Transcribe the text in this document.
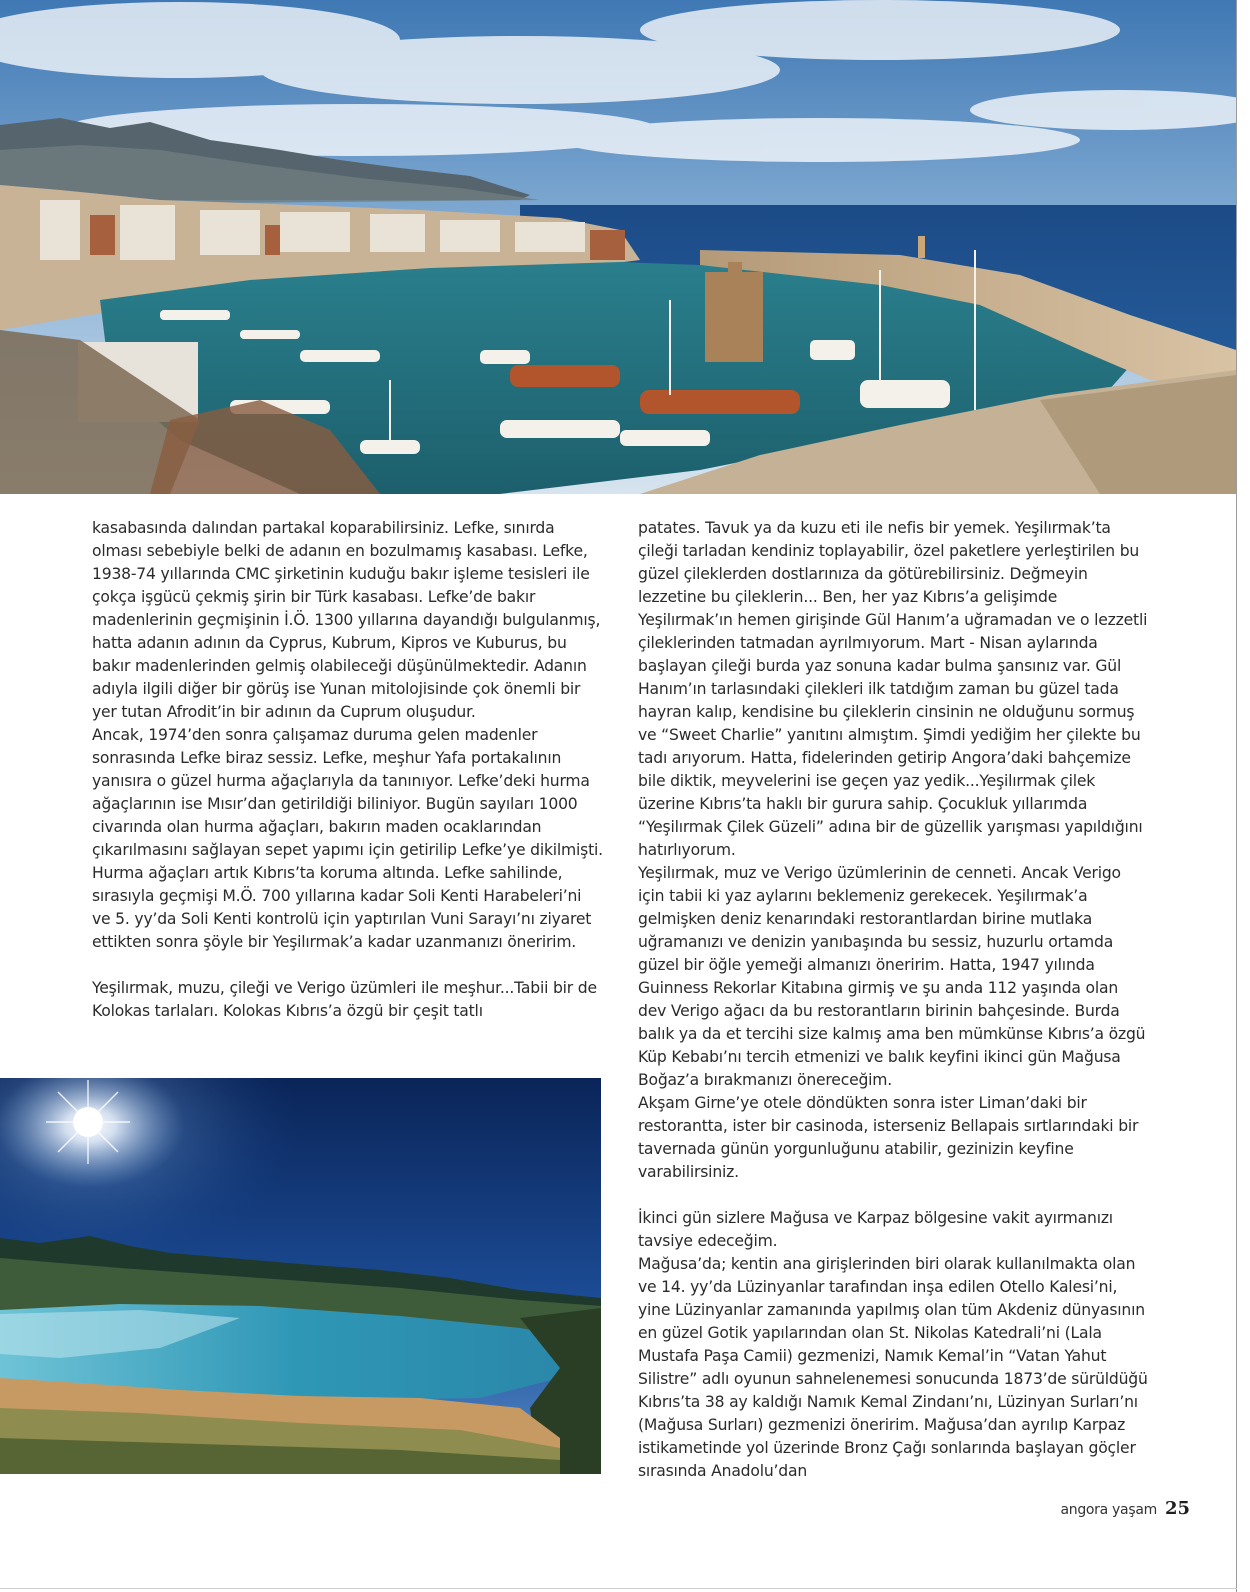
kasabasında dalından partakal koparabilirsiniz. Lefke, sınırda olması sebebiyle belki de adanın en bozulmamış kasabası. Lefke, 1938-74 yıllarında CMC şirketinin kuduğu bakır işleme tesisleri ile çokça işgücü çekmiş şirin bir Türk kasabası. Lefke’de bakır madenlerinin geçmişinin İ.Ö. 1300 yıllarına dayandığı bulgulanmış, hatta adanın adının da Cyprus, Kubrum, Kipros ve Kuburus, bu bakır madenlerinden gelmiş olabileceği düşünülmektedir. Adanın adıyla ilgili diğer bir görüş ise Yunan mitolojisinde çok önemli bir yer tutan Afrodit’in bir adının da Cuprum oluşudur.

Ancak, 1974’den sonra çalışamaz duruma gelen madenler sonrasında Lefke biraz sessiz. Lefke, meşhur Yafa portakalının yanısıra o güzel hurma ağaçlarıyla da tanınıyor. Lefke’deki hurma ağaçlarının ise Mısır’dan getirildiği biliniyor. Bugün sayıları 1000 civarında olan hurma ağaçları, bakırın maden ocaklarından çıkarılmasını sağlayan sepet yapımı için getirilip Lefke’ye dikilmişti. Hurma ağaçları artık Kıbrıs’ta koruma altında. Lefke sahilinde, sırasıyla geçmişi M.Ö. 700 yıllarına kadar Soli Kenti Harabeleri’ni ve 5. yy’da Soli Kenti kontrolü için yaptırılan Vuni Sarayı’nı ziyaret ettikten sonra şöyle bir Yeşilırmak’a kadar uzanmanızı öneririm.

Yeşilırmak, muzu, çileği ve Verigo üzümleri ile meşhur...Tabii bir de Kolokas tarlaları. Kolokas Kıbrıs’a özgü bir çeşit tatlı

patates. Tavuk ya da kuzu eti ile nefis bir yemek. Yeşilırmak’ta çileği tarladan kendiniz toplayabilir, özel paketlere yerleştirilen bu güzel çileklerden dostlarınıza da götürebilirsiniz. Değmeyin lezzetine bu çileklerin... Ben, her yaz Kıbrıs’a gelişimde Yeşilırmak’ın hemen girişinde Gül Hanım’a uğramadan ve o lezzetli çileklerinden tatmadan ayrılmıyorum. Mart - Nisan aylarında başlayan çileği burda yaz sonuna kadar bulma şansınız var. Gül Hanım’ın tarlasındaki çilekleri ilk tatdığım zaman bu güzel tada hayran kalıp, kendisine bu çileklerin cinsinin ne olduğunu sormuş ve “Sweet Charlie” yanıtını almıştım. Şimdi yediğim her çilekte bu tadı arıyorum. Hatta, fidelerinden getirip Angora’daki bahçemize bile diktik, meyvelerini ise geçen yaz yedik...Yeşilırmak çilek üzerine Kıbrıs’ta haklı bir gurura sahip. Çocukluk yıllarımda “Yeşilırmak Çilek Güzeli” adına bir de güzellik yarışması yapıldığını hatırlıyorum.

Yeşilırmak, muz ve Verigo üzümlerinin de cenneti. Ancak Verigo için tabii ki yaz aylarını beklemeniz gerekecek. Yeşilırmak’a gelmişken deniz kenarındaki restorantlardan birine mutlaka uğramanızı ve denizin yanıbaşında bu sessiz, huzurlu ortamda güzel bir öğle yemeği almanızı öneririm. Hatta, 1947 yılında Guinness Rekorlar Kitabına girmiş ve şu anda 112 yaşında olan dev Verigo ağacı da bu restorantların birinin bahçesinde. Burda balık ya da et tercihi size kalmış ama ben mümkünse Kıbrıs’a özgü Küp Kebabı’nı tercih etmenizi ve balık keyfini ikinci gün Mağusa Boğaz’a bırakmanızı önereceğim.

Akşam Girne’ye otele döndükten sonra ister Liman’daki bir restorantta, ister bir casinoda, isterseniz Bellapais sırtlarındaki bir tavernada günün yorgunluğunu atabilir, gezinizin keyfine varabilirsiniz.

İkinci gün sizlere Mağusa ve Karpaz bölgesine vakit ayırmanızı tavsiye edeceğim.

Mağusa’da; kentin ana girişlerinden biri olarak kullanılmakta olan ve 14. yy’da Lüzinyanlar tarafından inşa edilen Otello Kalesi’ni, yine Lüzinyanlar zamanında yapılmış olan tüm Akdeniz dünyasının en güzel Gotik yapılarından olan St. Nikolas Katedrali’ni (Lala Mustafa Paşa Camii) gezmenizi, Namık Kemal’in “Vatan Yahut Silistre” adlı oyunun sahnelenemesi sonucunda 1873’de sürüldüğü Kıbrıs’ta 38 ay kaldığı Namık Kemal Zindanı’nı, Lüzinyan Surları’nı (Mağusa Surları) gezmenizi öneririm. Mağusa’dan ayrılıp Karpaz istikametinde yol üzerinde Bronz Çağı sonlarında başlayan göçler sırasında Anadolu’dan

angora yaşam 25
